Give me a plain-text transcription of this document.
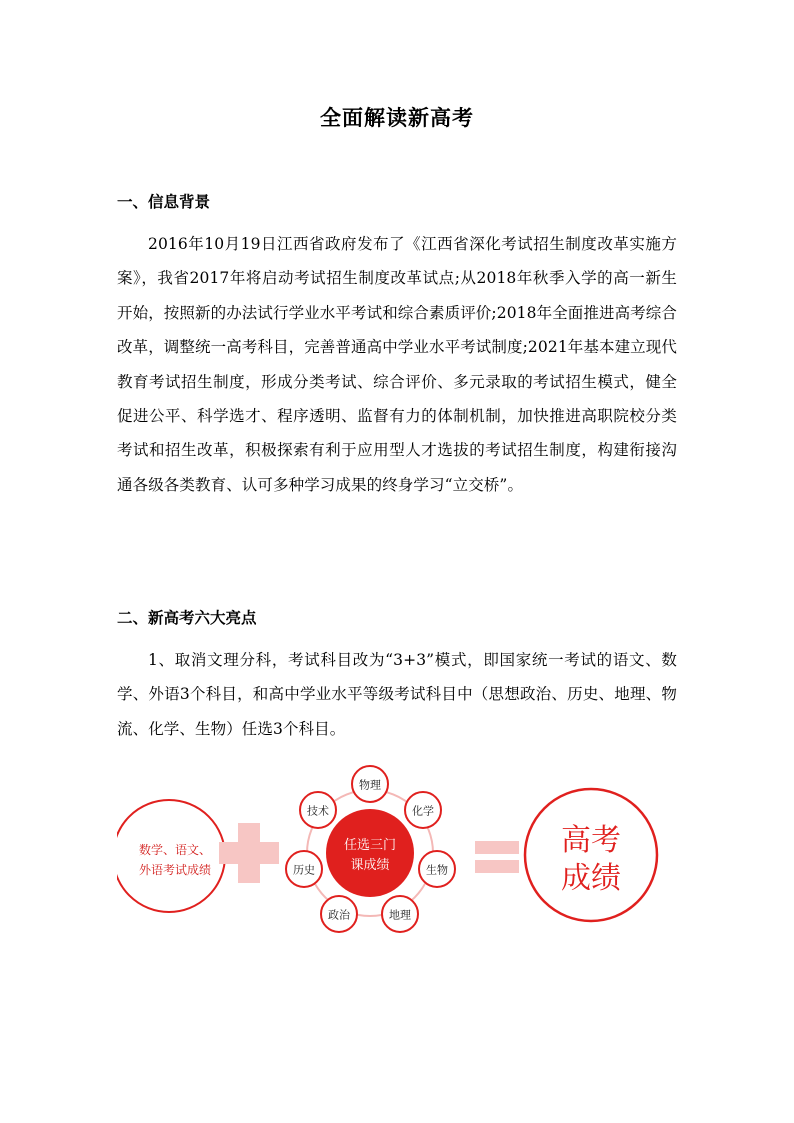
全面解读新高考
一、信息背景
2016年10月19日江西省政府发布了《江西省深化考试招生制度改革实施方案》，我省2017年将启动考试招生制度改革试点;从2018年秋季入学的高一新生开始，按照新的办法试行学业水平考试和综合素质评价;2018年全面推进高考综合改革，调整统一高考科目，完善普通高中学业水平考试制度;2021年基本建立现代教育考试招生制度，形成分类考试、综合评价、多元录取的考试招生模式，健全促进公平、科学选才、程序透明、监督有力的体制机制，加快推进高职院校分类考试和招生改革，积极探索有利于应用型人才选拔的考试招生制度，构建衔接沟通各级各类教育、认可多种学习成果的终身学习“立交桥”。
二、新高考六大亮点
1、取消文理分科，考试科目改为“3+3”模式，即国家统一考试的语文、数学、外语3个科目，和高中学业水平等级考试科目中（思想政治、历史、地理、物流、化学、生物）任选3个科目。
数学、语文、
外语考试成绩
任选三门
课成绩
物理
化学
生物
地理
政治
历史
技术
高考
成绩
